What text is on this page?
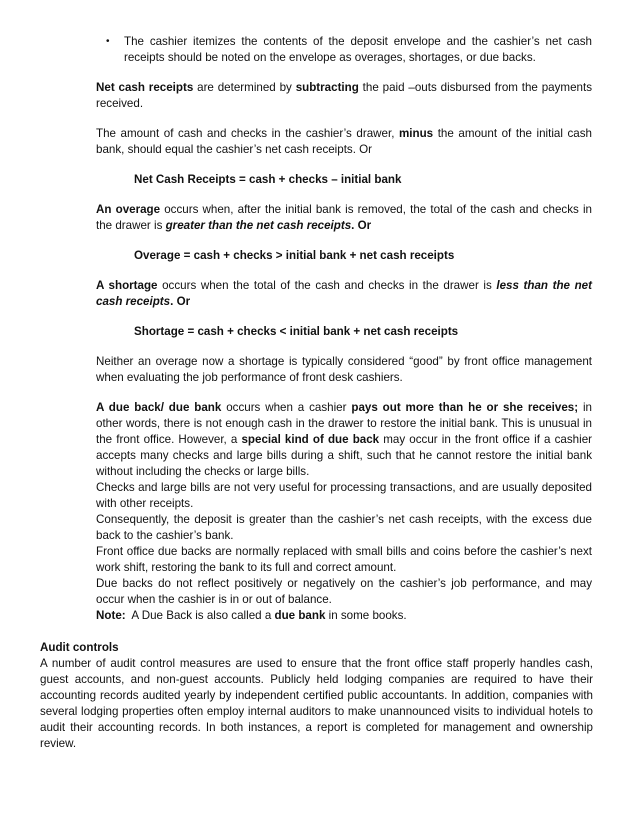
•	The cashier itemizes the contents of the deposit envelope and the cashier’s net cash receipts should be noted on the envelope as overages, shortages, or due backs.

Net cash receipts are determined by subtracting the paid –outs disbursed from the payments received.

The amount of cash and checks in the cashier’s drawer, minus the amount of the initial cash bank, should equal the cashier’s net cash receipts. Or

Net Cash Receipts = cash + checks – initial bank

An overage occurs when, after the initial bank is removed, the total of the cash and checks in the drawer is greater than the net cash receipts. Or

Overage = cash + checks > initial bank + net cash receipts

A shortage occurs when the total of the cash and checks in the drawer is less than the net cash receipts. Or

Shortage = cash + checks < initial bank + net cash receipts

Neither an overage now a shortage is typically considered “good” by front office management when evaluating the job performance of front desk cashiers.

A due back/ due bank occurs when a cashier pays out more than he or she receives; in other words, there is not enough cash in the drawer to restore the initial bank. This is unusual in the front office. However, a special kind of due back may occur in the front office if a cashier accepts many checks and large bills during a shift, such that he cannot restore the initial bank without including the checks or large bills.

Checks and large bills are not very useful for processing transactions, and are usually deposited with other receipts.

Consequently, the deposit is greater than the cashier’s net cash receipts, with the excess due back to the cashier’s bank.

Front office due backs are normally replaced with small bills and coins before the cashier’s next work shift, restoring the bank to its full and correct amount.

Due backs do not reflect positively or negatively on the cashier’s job performance, and may occur when the cashier is in or out of balance.

Note:  A Due Back is also called a due bank in some books.

Audit controls

A number of audit control measures are used to ensure that the front office staff properly handles cash, guest accounts, and non-guest accounts. Publicly held lodging companies are required to have their accounting records audited yearly by independent certified public accountants. In addition, companies with several lodging properties often employ internal auditors to make unannounced visits to individual hotels to audit their accounting records. In both instances, a report is completed for management and ownership review.
